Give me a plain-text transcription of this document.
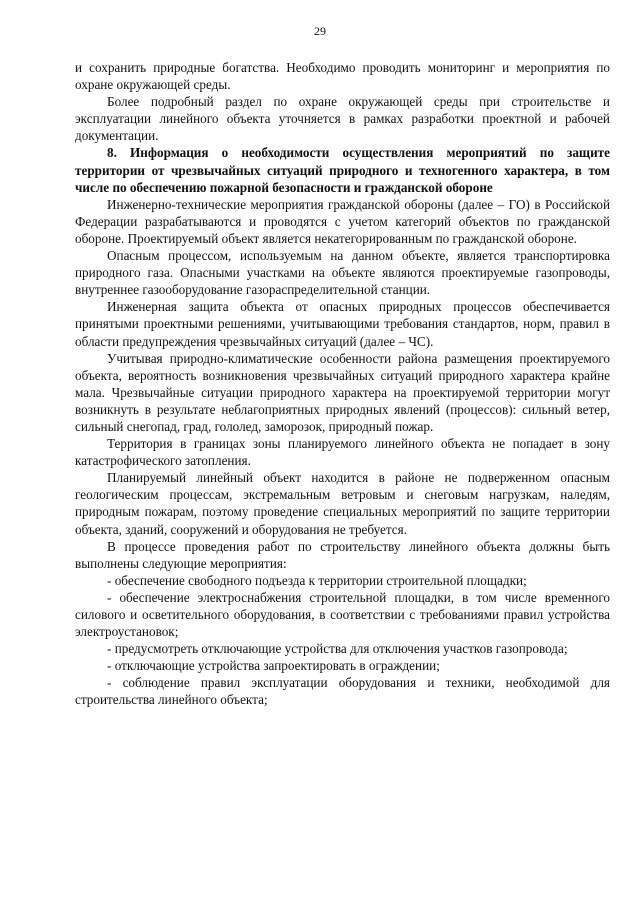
29

и сохранить природные богатства. Необходимо проводить мониторинг и мероприятия по охране окружающей среды.

Более подробный раздел по охране окружающей среды при строительстве и эксплуатации линейного объекта уточняется в рамках разработки проектной и рабочей документации.

8. Информация о необходимости осуществления мероприятий по защите территории от чрезвычайных ситуаций природного и техногенного характера, в том числе по обеспечению пожарной безопасности и гражданской обороне

Инженерно-технические мероприятия гражданской обороны (далее – ГО) в Российской Федерации разрабатываются и проводятся с учетом категорий объектов по гражданской обороне. Проектируемый объект является некатегорированным по гражданской обороне.

Опасным процессом, используемым на данном объекте, является транспортировка природного газа. Опасными участками на объекте являются проектируемые газопроводы, внутреннее газооборудование газораспределительной станции.

Инженерная защита объекта от опасных природных процессов обеспечивается принятыми проектными решениями, учитывающими требования стандартов, норм, правил в области предупреждения чрезвычайных ситуаций (далее – ЧС).

Учитывая природно-климатические особенности района размещения проектируемого объекта, вероятность возникновения чрезвычайных ситуаций природного характера крайне мала. Чрезвычайные ситуации природного характера на проектируемой территории могут возникнуть в результате неблагоприятных природных явлений (процессов): сильный ветер, сильный снегопад, град, гололед, заморозок, природный пожар.

Территория в границах зоны планируемого линейного объекта не попадает в зону катастрофического затопления.

Планируемый линейный объект находится в районе не подверженном опасным геологическим процессам, экстремальным ветровым и снеговым нагрузкам, наледям, природным пожарам, поэтому проведение специальных мероприятий по защите территории объекта, зданий, сооружений и оборудования не требуется.

В процессе проведения работ по строительству линейного объекта должны быть выполнены следующие мероприятия:

- обеспечение свободного подъезда к территории строительной площадки;

- обеспечение электроснабжения строительной площадки, в том числе временного силового и осветительного оборудования, в соответствии с требованиями правил устройства электроустановок;

- предусмотреть отключающие устройства для отключения участков газопровода;

- отключающие устройства запроектировать в ограждении;

- соблюдение правил эксплуатации оборудования и техники, необходимой для строительства линейного объекта;
